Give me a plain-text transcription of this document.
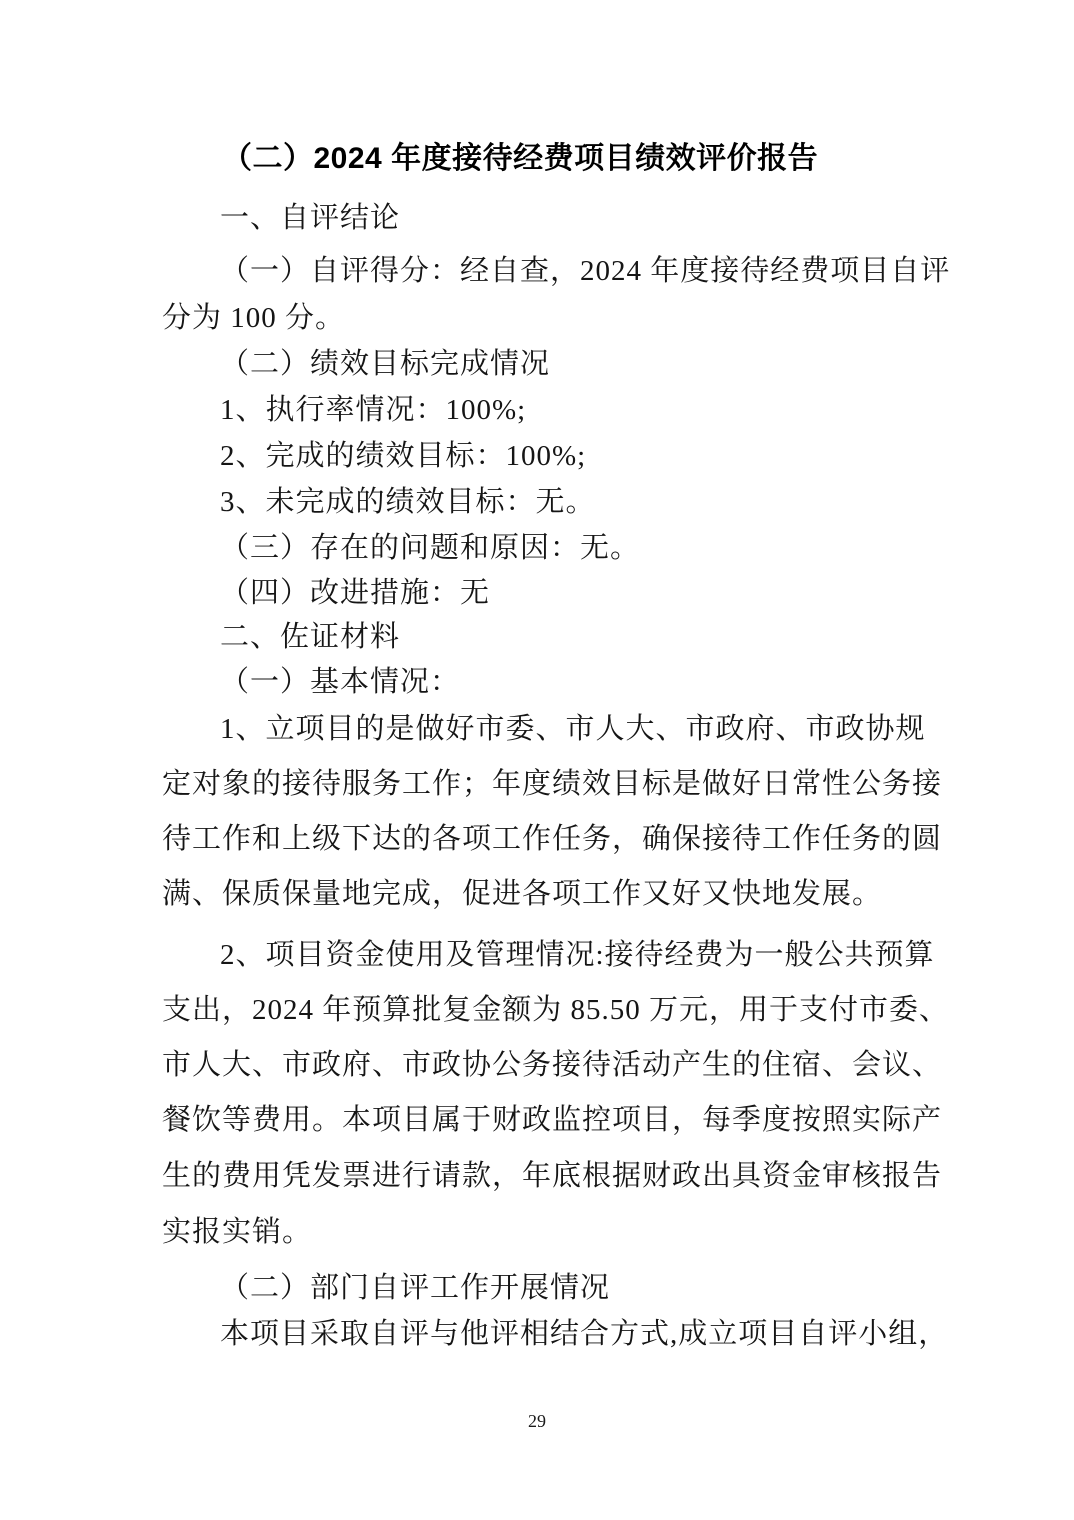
（二）2024 年度接待经费项目绩效评价报告
一、自评结论
（一）自评得分：经自查，2024 年度接待经费项目自评
分为 100 分。
（二）绩效目标完成情况
1、执行率情况：100%;
2、完成的绩效目标：100%;
3、未完成的绩效目标：无。
（三）存在的问题和原因：无。
（四）改进措施：无
二、佐证材料
（一）基本情况：
1、立项目的是做好市委、市人大、市政府、市政协规
定对象的接待服务工作；年度绩效目标是做好日常性公务接
待工作和上级下达的各项工作任务，确保接待工作任务的圆
满、保质保量地完成，促进各项工作又好又快地发展。
2、项目资金使用及管理情况:接待经费为一般公共预算
支出，2024 年预算批复金额为 85.50 万元，用于支付市委、
市人大、市政府、市政协公务接待活动产生的住宿、会议、
餐饮等费用。本项目属于财政监控项目，每季度按照实际产
生的费用凭发票进行请款，年底根据财政出具资金审核报告
实报实销。
（二）部门自评工作开展情况
本项目采取自评与他评相结合方式,成立项目自评小组，
29
